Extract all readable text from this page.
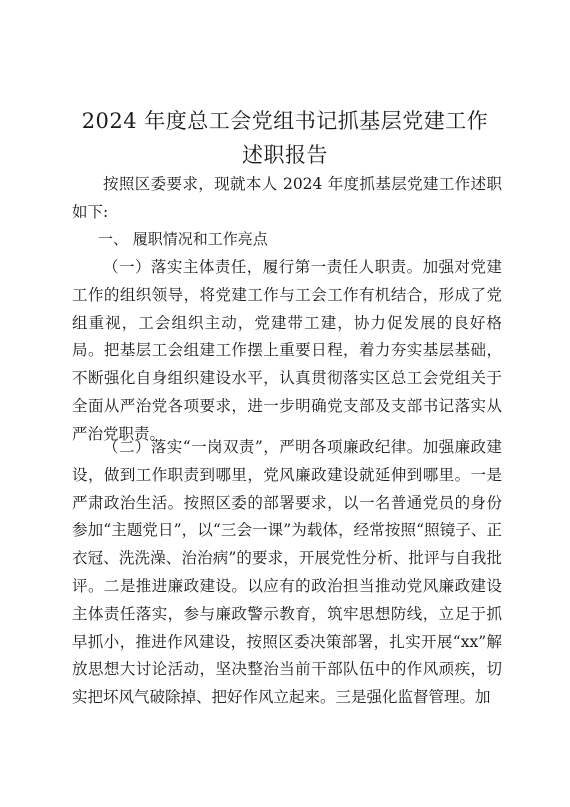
2024 年度总工会党组书记抓基层党建工作
述职报告

按照区委要求，现就本人 2024 年度抓基层党建工作述职如下:

一、 履职情况和工作亮点

（一）落实主体责任，履行第一责任人职责。加强对党建工作的组织领导，将党建工作与工会工作有机结合，形成了党组重视，工会组织主动，党建带工建，协力促发展的良好格局。把基层工会组建工作摆上重要日程，着力夯实基层基础，不断强化自身组织建设水平，认真贯彻落实区总工会党组关于全面从严治党各项要求，进一步明确党支部及支部书记落实从严治党职责。

（二）落实“一岗双责”，严明各项廉政纪律。加强廉政建设，做到工作职责到哪里，党风廉政建设就延伸到哪里。一是严肃政治生活。按照区委的部署要求，以一名普通党员的身份参加“主题党日”，以“三会一课”为载体，经常按照“照镜子、正衣冠、洗洗澡、治治病”的要求，开展党性分析、批评与自我批评。二是推进廉政建设。以应有的政治担当推动党风廉政建设主体责任落实，参与廉政警示教育，筑牢思想防线，立足于抓早抓小，推进作风建设，按照区委决策部署，扎实开展“xx”解放思想大讨论活动，坚决整治当前干部队伍中的作风顽疾，切实把坏风气破除掉、把好作风立起来。三是强化监督管理。加
